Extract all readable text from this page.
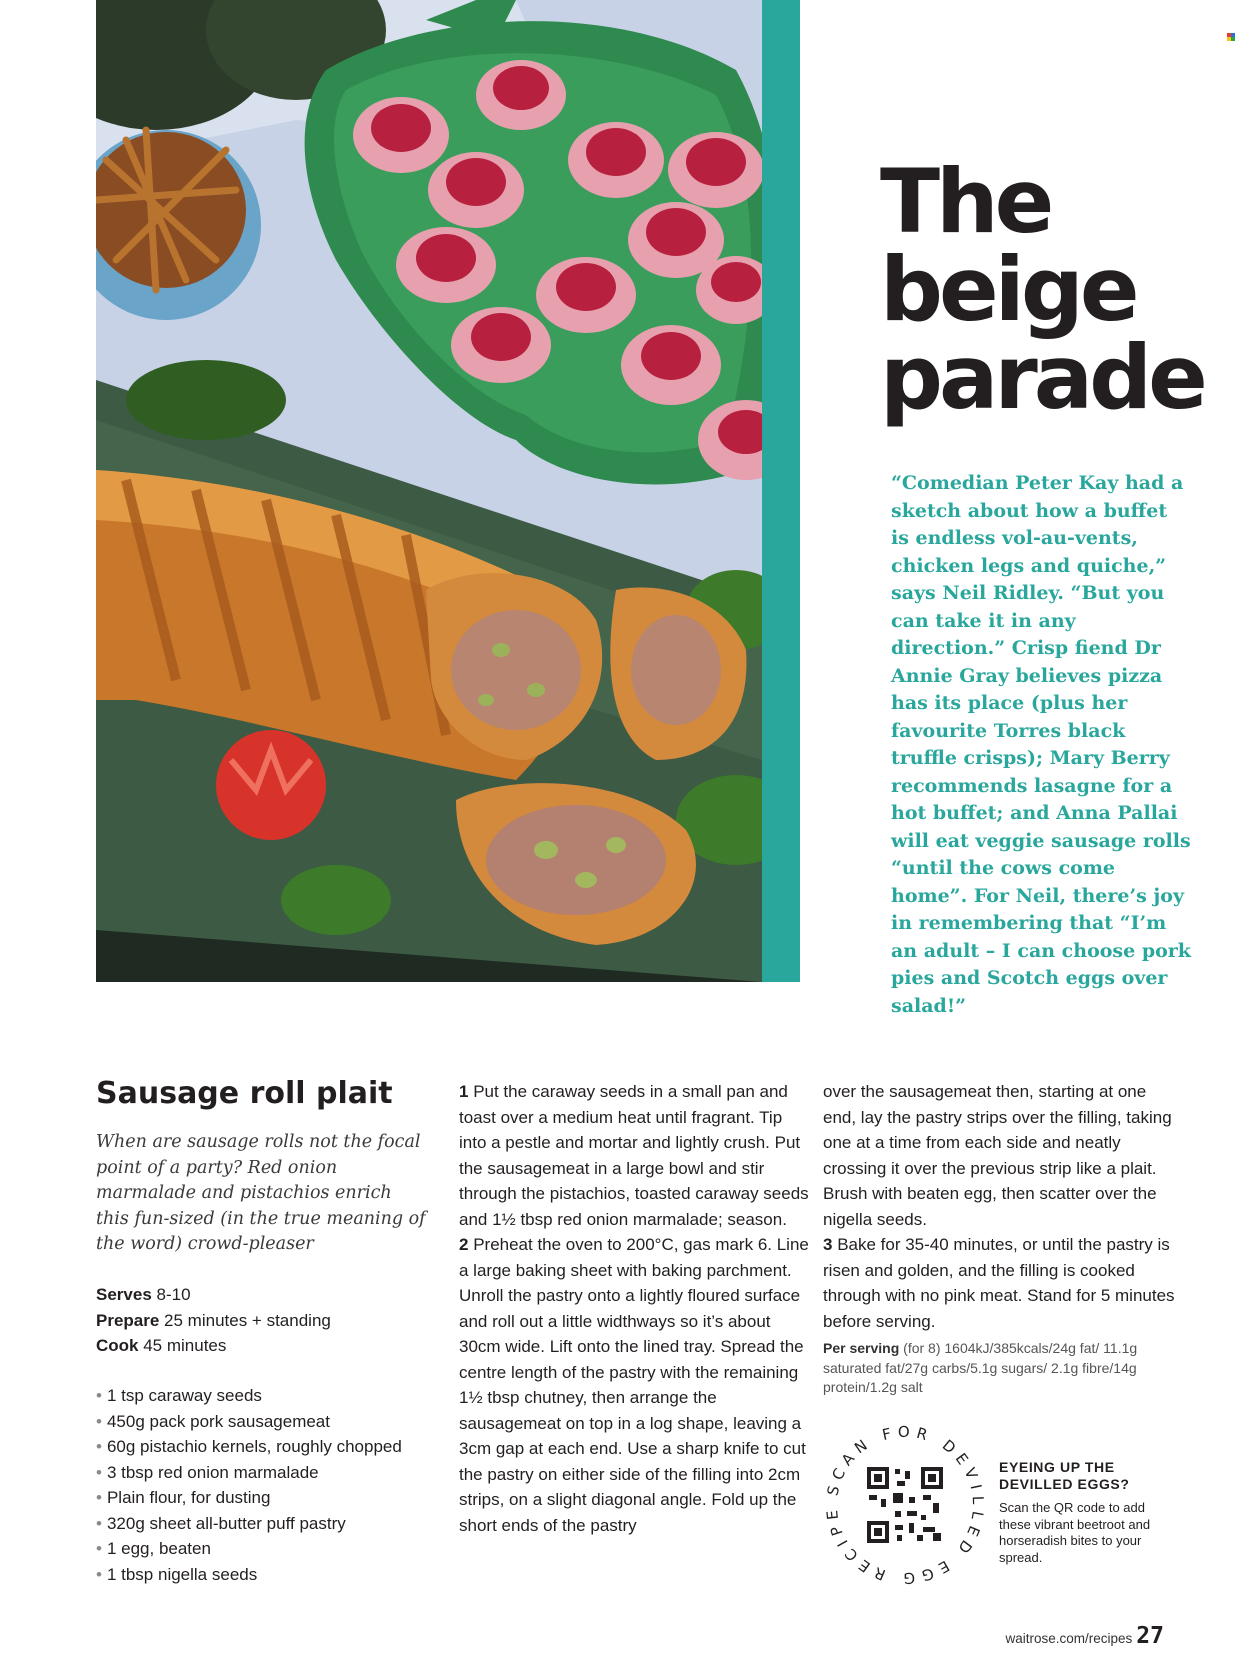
The
beige
parade

“Comedian Peter Kay had a sketch about how a buffet is endless vol-au-vents, chicken legs and quiche,” says Neil Ridley. “But you can take it in any direction.” Crisp fiend Dr Annie Gray believes pizza has its place (plus her favourite Torres black truffle crisps); Mary Berry recommends lasagne for a hot buffet; and Anna Pallai will eat veggie sausage rolls “until the cows come home”. For Neil, there’s joy in remembering that “I’m an adult – I can choose pork pies and Scotch eggs over salad!”

Sausage roll plait

When are sausage rolls not the focal point of a party? Red onion marmalade and pistachios enrich this fun-sized (in the true meaning of the word) crowd-pleaser

Serves 8-10
Prepare 25 minutes + standing
Cook 45 minutes
• 1 tsp caraway seeds
• 450g pack pork sausagemeat
• 60g pistachio kernels, roughly chopped
• 3 tbsp red onion marmalade
• Plain flour, for dusting
• 320g sheet all-butter puff pastry
• 1 egg, beaten
• 1 tbsp nigella seeds

1 Put the caraway seeds in a small pan and toast over a medium heat until fragrant. Tip into a pestle and mortar and lightly crush. Put the sausagemeat in a large bowl and stir through the pistachios, toasted caraway seeds and 1½ tbsp red onion marmalade; season.

2 Preheat the oven to 200°C, gas mark 6. Line a large baking sheet with baking parchment. Unroll the pastry onto a lightly floured surface and roll out a little widthways so it’s about 30cm wide. Lift onto the lined tray. Spread the centre length of the pastry with the remaining 1½ tbsp chutney, then arrange the sausagemeat on top in a log shape, leaving a 3cm gap at each end. Use a sharp knife to cut the pastry on either side of the filling into 2cm strips, on a slight diagonal angle. Fold up the short ends of the pastry

over the sausagemeat then, starting at one end, lay the pastry strips over the filling, taking one at a time from each side and neatly crossing it over the previous strip like a plait. Brush with beaten egg, then scatter over the nigella seeds.

3 Bake for 35-40 minutes, or until the pastry is risen and golden, and the filling is cooked through with no pink meat. Stand for 5 minutes before serving.

Per serving (for 8) 1604kJ/385kcals/24g fat/ 11.1g saturated fat/27g carbs/5.1g sugars/ 2.1g fibre/14g protein/1.2g salt

SCAN FOR DEVILLED EGG RECIPE
EYEING UP THE
DEVILLED EGGS?

Scan the QR code to add these vibrant beetroot and horseradish bites to your spread.

waitrose.com/recipes 27
